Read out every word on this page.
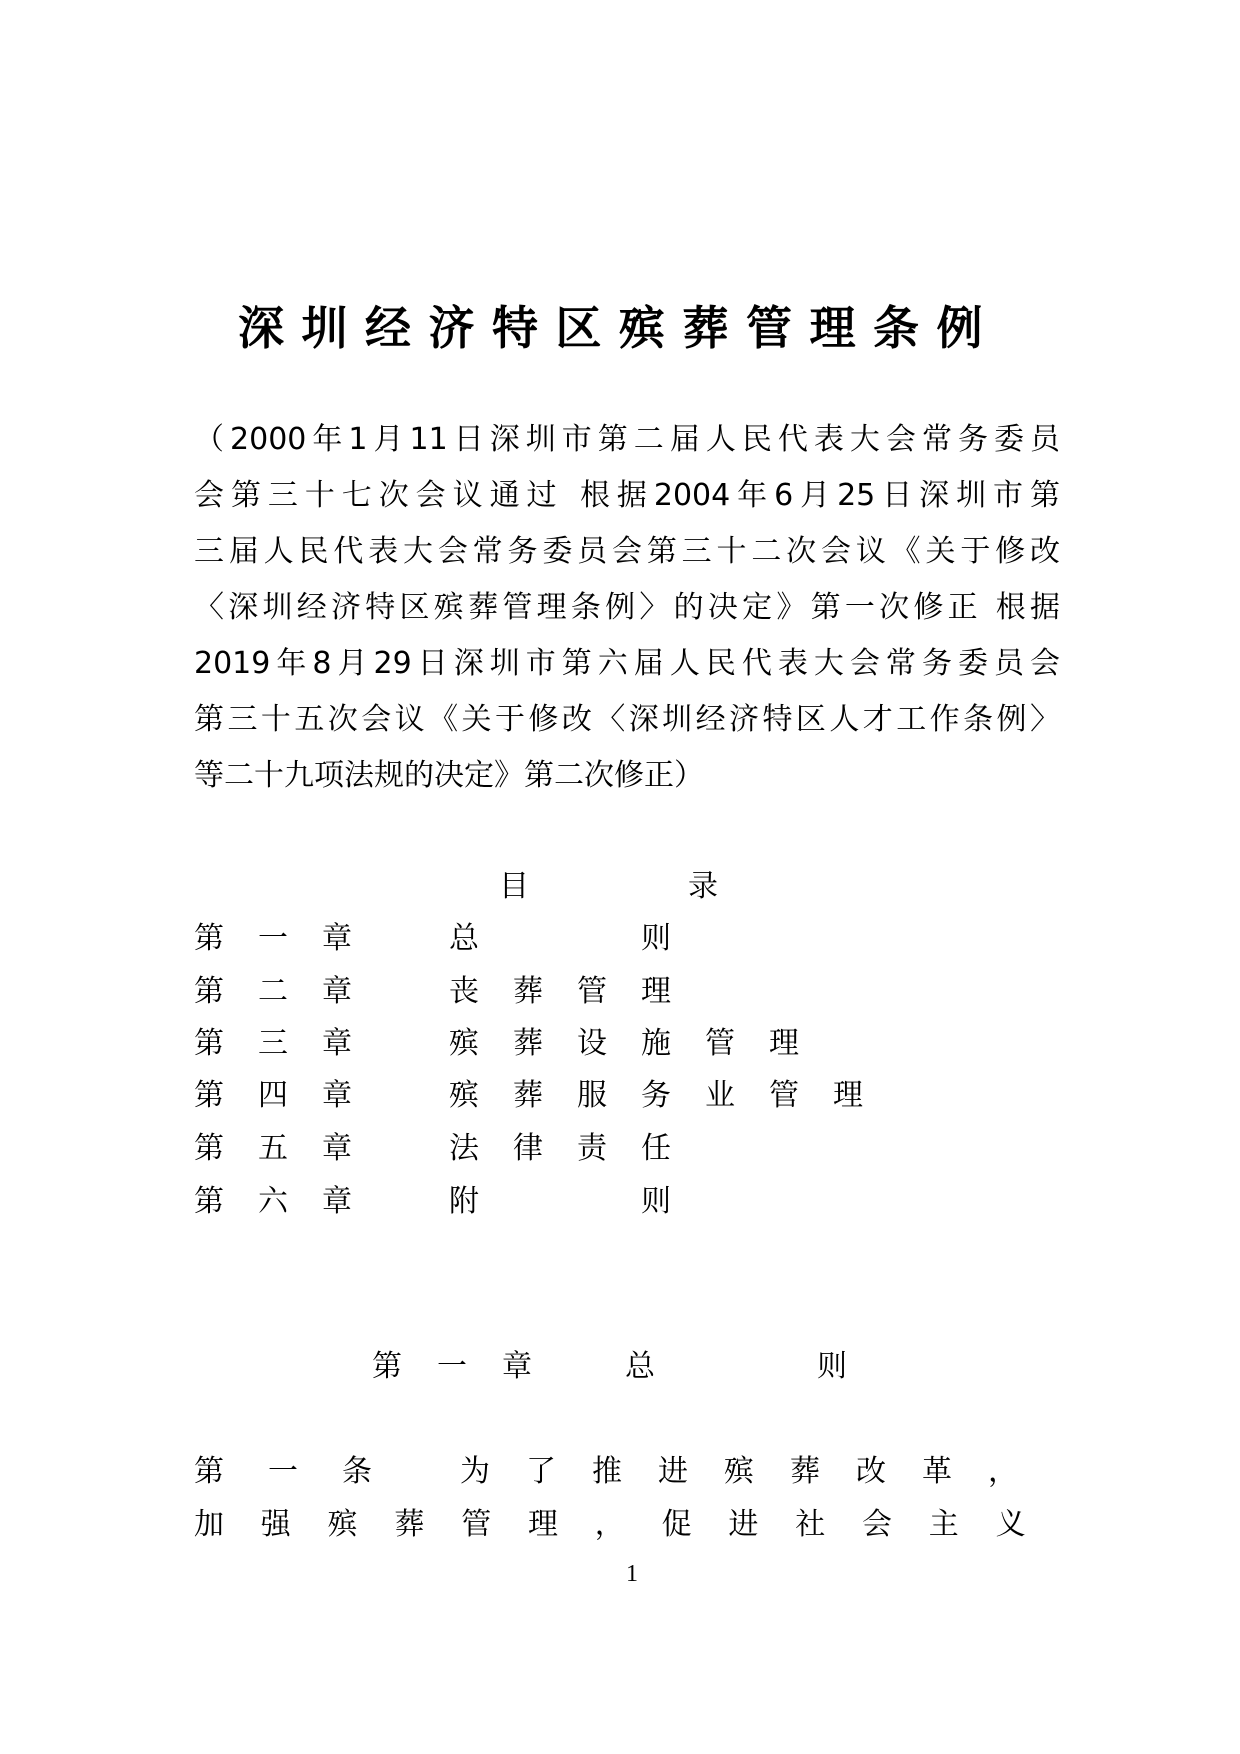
深圳经济特区殡葬管理条例
（2000年1月11日深圳市第二届人民代表大会常务委员
会第三十七次会议通过 根据2004年6月25日深圳市第
三届人民代表大会常务委员会第三十二次会议《关于修改
〈深圳经济特区殡葬管理条例〉的决定》第一次修正 根据
2019年8月29日深圳市第六届人民代表大会常务委员会
第三十五次会议《关于修改〈深圳经济特区人才工作条例〉
等二十九项法规的决定》第二次修正）
目	录
第一章 总　　则
第二章 丧葬管理
第三章 殡葬设施管理
第四章 殡葬服务业管理
第五章 法律责任
第六章 附　　则
第一章 总	则
第一条 为了推进殡葬改革，
加强殡葬管理，促进社会主义
1
